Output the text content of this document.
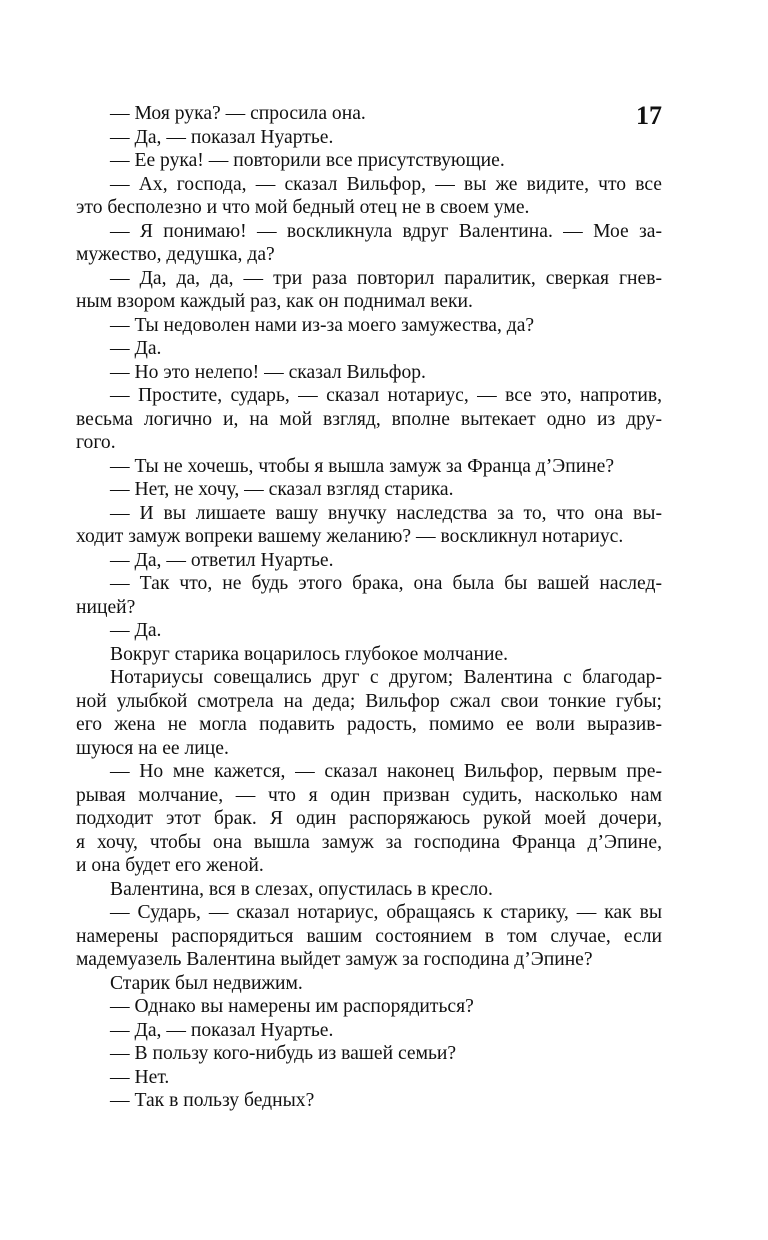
17
— Моя рука? — спросила она.
— Да, — показал Нуартье.
— Ее рука! — повторили все присутствующие.
— Ах, господа, — сказал Вильфор, — вы же видите, что все
это бесполезно и что мой бедный отец не в своем уме.
— Я понимаю! — воскликнула вдруг Валентина. — Мое за-
мужество, дедушка, да?
— Да, да, да, — три раза повторил паралитик, сверкая гнев-
ным взором каждый раз, как он поднимал веки.
— Ты недоволен нами из-за моего замужества, да?
— Да.
— Но это нелепо! — сказал Вильфор.
— Простите, сударь, — сказал нотариус, — все это, напротив,
весьма логично и, на мой взгляд, вполне вытекает одно из дру-
гого.
— Ты не хочешь, чтобы я вышла замуж за Франца д’Эпине?
— Нет, не хочу, — сказал взгляд старика.
— И вы лишаете вашу внучку наследства за то, что она вы-
ходит замуж вопреки вашему желанию? — воскликнул нотариус.
— Да, — ответил Нуартье.
— Так что, не будь этого брака, она была бы вашей наслед-
ницей?
— Да.
Вокруг старика воцарилось глубокое молчание.
Нотариусы совещались друг с другом; Валентина с благодар-
ной улыбкой смотрела на деда; Вильфор сжал свои тонкие губы;
его жена не могла подавить радость, помимо ее воли выразив-
шуюся на ее лице.
— Но мне кажется, — сказал наконец Вильфор, первым пре-
рывая молчание, — что я один призван судить, насколько нам
подходит этот брак. Я один распоряжаюсь рукой моей дочери,
я хочу, чтобы она вышла замуж за господина Франца д’Эпине,
и она будет его женой.
Валентина, вся в слезах, опустилась в кресло.
— Сударь, — сказал нотариус, обращаясь к старику, — как вы
намерены распорядиться вашим состоянием в том случае, если
мадемуазель Валентина выйдет замуж за господина д’Эпине?
Старик был недвижим.
— Однако вы намерены им распорядиться?
— Да, — показал Нуартье.
— В пользу кого-нибудь из вашей семьи?
— Нет.
— Так в пользу бедных?
